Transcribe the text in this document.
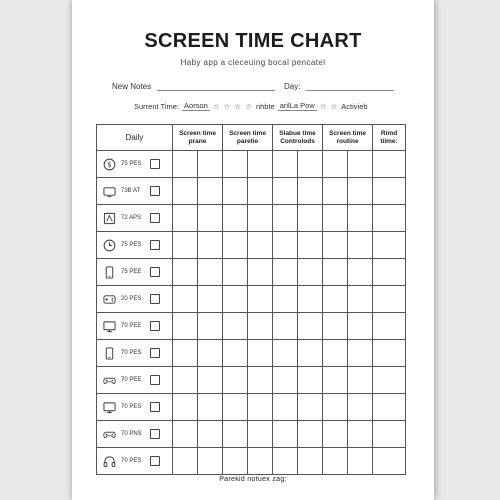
SCREEN TIME CHART
Haby app a cleceuing bocal pencatel
New Notes	Day:
Surrent Time: Aorson ☆ ☆ ☆ ☆ nhbte arilLa Pow ☆ ☆ Activieb
Daily	Screen time prane		Screen time paretie		Slabue time Controlods		Screen time routine		Rimd tiime:

$ 75 PES									

73B AT									

72 APS									

75 PES									

75 PEE									

20 PES									

70 PEE									

70 PES									

70 PEE									

70 PES									

70 PNS									

70 PES									

Parekid notuex zag:
